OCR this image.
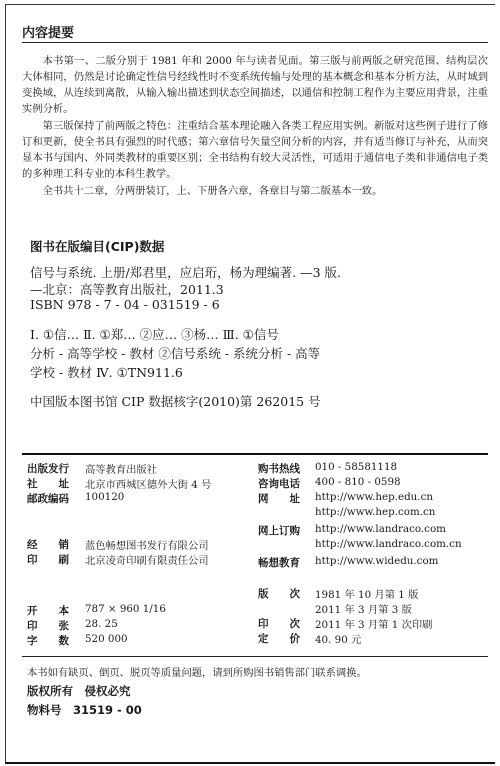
内容提要
本书第一、二版分别于 1981 年和 2000 年与读者见面。第三版与前两版之研究范围、结构层次大体相同，仍然是讨论确定性信号经线性时不变系统传输与处理的基本概念和基本分析方法，从时域到变换域，从连续到离散，从输入输出描述到状态空间描述，以通信和控制工程作为主要应用背景，注重实例分析。
第三版保持了前两版之特色：注重结合基本理论融入各类工程应用实例。新版对这些例子进行了修订和更新，使全书具有强烈的时代感；第六章信号矢量空间分析的内容，并有适当修订与补充，从而突显本书与国内、外同类教材的重要区别；全书结构有较大灵活性，可适用于通信电子类和非通信电子类的多种理工科专业的本科生教学。
全书共十二章，分两册装订，上、下册各六章，各章目与第二版基本一致。
图书在版编目(CIP)数据
信号与系统. 上册/郑君里，应启珩，杨为理编著. —3 版.
—北京：高等教育出版社，2011.3
ISBN 978 - 7 - 04 - 031519 - 6
Ⅰ. ①信… Ⅱ. ①郑… ②应… ③杨… Ⅲ. ①信号
分析 - 高等学校 - 教材 ②信号系统 - 系统分析 - 高等
学校 - 教材 Ⅳ. ①TN911.6
中国版本图书馆 CIP 数据核字(2010)第 262015 号
出版发行 高等教育出版社
社　　址 北京市西城区德外大街 4 号
邮政编码 100120
购书热线 010 - 58581118
咨询电话 400 - 810 - 0598
网　　址 http://www.hep.edu.cn
http://www.hep.com.cn
网上订购 http://www.landraco.com
http://www.landraco.com.cn
畅想教育 http://www.widedu.com
经　　销 蓝色畅想图书发行有限公司
印　　刷 北京凌奇印刷有限责任公司
开　　本 787 × 960 1/16
印　　张 28. 25
字　　数 520 000
版　　次 1981 年 10 月第 1 版
2011 年 3 月第 3 版
印　　次 2011 年 3 月第 1 次印刷
定　　价 40. 90 元
本书如有缺页、倒页、脱页等质量问题，请到所购图书销售部门联系调换。
版权所有　侵权必究
物料号　31519 - 00
